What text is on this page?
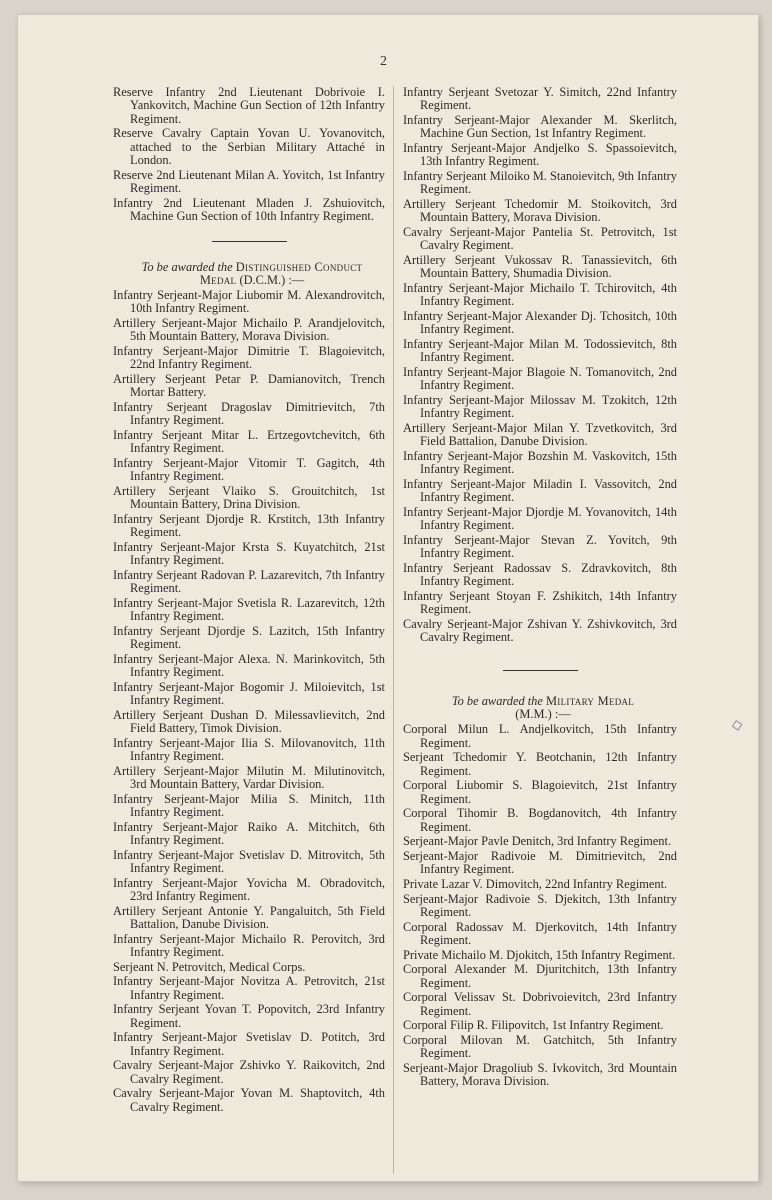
2
Reserve Infantry 2nd Lieutenant Dobrivoie I. Yankovitch, Machine Gun Section of 12th Infantry Regiment.
Reserve Cavalry Captain Yovan U. Yovanovitch, attached to the Serbian Military Attaché in London.
Reserve 2nd Lieutenant Milan A. Yovitch, 1st Infantry Regiment.
Infantry 2nd Lieutenant Mladen J. Zshuiovitch, Machine Gun Section of 10th Infantry Regiment.
To be awarded the Distinguished Conduct Medal (D.C.M.) :—
Infantry Serjeant-Major Liubomir M. Alexandrovitch, 10th Infantry Regiment.
Artillery Serjeant-Major Michailo P. Arandjelovitch, 5th Mountain Battery, Morava Division.
Infantry Serjeant-Major Dimitrie T. Blagoievitch, 22nd Infantry Regiment.
Artillery Serjeant Petar P. Damianovitch, Trench Mortar Battery.
Infantry Serjeant Dragoslav Dimitrievitch, 7th Infantry Regiment.
Infantry Serjeant Mitar L. Ertzegovtchevitch, 6th Infantry Regiment.
Infantry Serjeant-Major Vitomir T. Gagitch, 4th Infantry Regiment.
Artillery Serjeant Vlaiko S. Grouitchitch, 1st Mountain Battery, Drina Division.
Infantry Serjeant Djordje R. Krstitch, 13th Infantry Regiment.
Infantry Serjeant-Major Krsta S. Kuyatchitch, 21st Infantry Regiment.
Infantry Serjeant Radovan P. Lazarevitch, 7th Infantry Regiment.
Infantry Serjeant-Major Svetisla R. Lazarevitch, 12th Infantry Regiment.
Infantry Serjeant Djordje S. Lazitch, 15th Infantry Regiment.
Infantry Serjeant-Major Alexa. N. Marinkovitch, 5th Infantry Regiment.
Infantry Serjeant-Major Bogomir J. Miloievitch, 1st Infantry Regiment.
Artillery Serjeant Dushan D. Milessavlievitch, 2nd Field Battery, Timok Division.
Infantry Serjeant-Major Ilia S. Milovanovitch, 11th Infantry Regiment.
Artillery Serjeant-Major Milutin M. Milutinovitch, 3rd Mountain Battery, Vardar Division.
Infantry Serjeant-Major Milia S. Minitch, 11th Infantry Regiment.
Infantry Serjeant-Major Raiko A. Mitchitch, 6th Infantry Regiment.
Infantry Serjeant-Major Svetislav D. Mitrovitch, 5th Infantry Regiment.
Infantry Serjeant-Major Yovicha M. Obradovitch, 23rd Infantry Regiment.
Artillery Serjeant Antonie Y. Pangaluitch, 5th Field Battalion, Danube Division.
Infantry Serjeant-Major Michailo R. Perovitch, 3rd Infantry Regiment.
Serjeant N. Petrovitch, Medical Corps.
Infantry Serjeant-Major Novitza A. Petrovitch, 21st Infantry Regiment.
Infantry Serjeant Yovan T. Popovitch, 23rd Infantry Regiment.
Infantry Serjeant-Major Svetislav D. Potitch, 3rd Infantry Regiment.
Cavalry Serjeant-Major Zshivko Y. Raikovitch, 2nd Cavalry Regiment.
Cavalry Serjeant-Major Yovan M. Shaptovitch, 4th Cavalry Regiment.
Infantry Serjeant Svetozar Y. Simitch, 22nd Infantry Regiment.
Infantry Serjeant-Major Alexander M. Skerlitch, Machine Gun Section, 1st Infantry Regiment.
Infantry Serjeant-Major Andjelko S. Spassoievitch, 13th Infantry Regiment.
Infantry Serjeant Miloiko M. Stanoievitch, 9th Infantry Regiment.
Artillery Serjeant Tchedomir M. Stoikovitch, 3rd Mountain Battery, Morava Division.
Cavalry Serjeant-Major Pantelia St. Petrovitch, 1st Cavalry Regiment.
Artillery Serjeant Vukossav R. Tanassievitch, 6th Mountain Battery, Shumadia Division.
Infantry Serjeant-Major Michailo T. Tchirovitch, 4th Infantry Regiment.
Infantry Serjeant-Major Alexander Dj. Tchositch, 10th Infantry Regiment.
Infantry Serjeant-Major Milan M. Todossievitch, 8th Infantry Regiment.
Infantry Serjeant-Major Blagoie N. Tomanovitch, 2nd Infantry Regiment.
Infantry Serjeant-Major Milossav M. Tzokitch, 12th Infantry Regiment.
Artillery Serjeant-Major Milan Y. Tzvetkovitch, 3rd Field Battalion, Danube Division.
Infantry Serjeant-Major Bozshin M. Vaskovitch, 15th Infantry Regiment.
Infantry Serjeant-Major Miladin I. Vassovitch, 2nd Infantry Regiment.
Infantry Serjeant-Major Djordje M. Yovanovitch, 14th Infantry Regiment.
Infantry Serjeant-Major Stevan Z. Yovitch, 9th Infantry Regiment.
Infantry Serjeant Radossav S. Zdravkovitch, 8th Infantry Regiment.
Infantry Serjeant Stoyan F. Zshikitch, 14th Infantry Regiment.
Cavalry Serjeant-Major Zshivan Y. Zshivkovitch, 3rd Cavalry Regiment.
To be awarded the Military Medal
(M.M.) :—
Corporal Milun L. Andjelkovitch, 15th Infantry Regiment.
Serjeant Tchedomir Y. Beotchanin, 12th Infantry Regiment.
Corporal Liubomir S. Blagoievitch, 21st Infantry Regiment.
Corporal Tihomir B. Bogdanovitch, 4th Infantry Regiment.
Serjeant-Major Pavle Denitch, 3rd Infantry Regiment.
Serjeant-Major Radivoie M. Dimitrievitch, 2nd Infantry Regiment.
Private Lazar V. Dimovitch, 22nd Infantry Regiment.
Serjeant-Major Radivoie S. Djekitch, 13th Infantry Regiment.
Corporal Radossav M. Djerkovitch, 14th Infantry Regiment.
Private Michailo M. Djokitch, 15th Infantry Regiment.
Corporal Alexander M. Djuritchitch, 13th Infantry Regiment.
Corporal Velissav St. Dobrivoievitch, 23rd Infantry Regiment.
Corporal Filip R. Filipovitch, 1st Infantry Regiment.
Corporal Milovan M. Gatchitch, 5th Infantry Regiment.
Serjeant-Major Dragoliub S. Ivkovitch, 3rd Mountain Battery, Morava Division.
◇
